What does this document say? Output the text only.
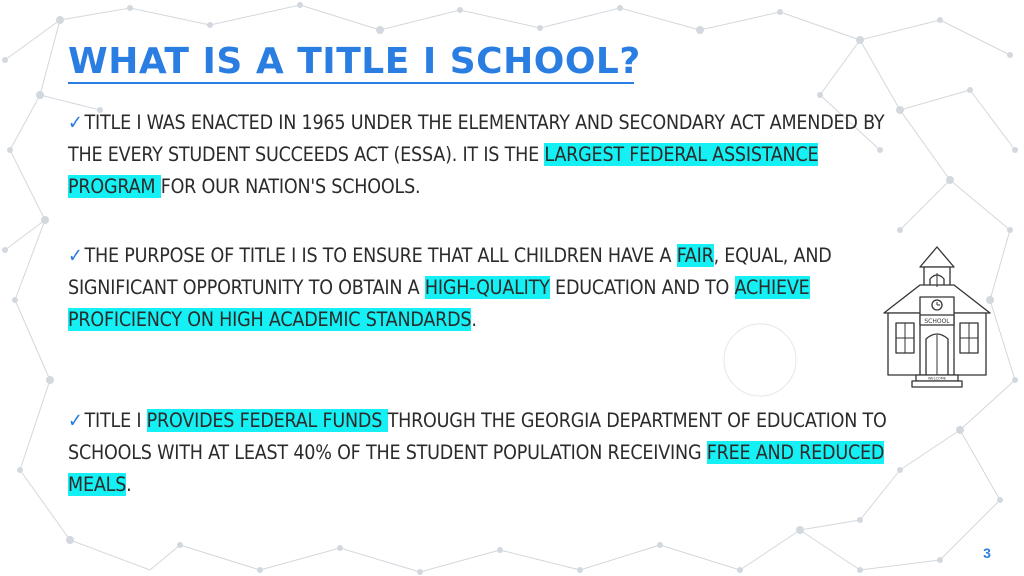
WHAT IS A TITLE I SCHOOL?

✓ TITLE I WAS ENACTED IN 1965 UNDER THE ELEMENTARY AND SECONDARY ACT AMENDED BY THE EVERY STUDENT SUCCEEDS ACT (ESSA). IT IS THE LARGEST FEDERAL ASSISTANCE PROGRAM FOR OUR NATION'S SCHOOLS.

✓ THE PURPOSE OF TITLE I IS TO ENSURE THAT ALL CHILDREN HAVE A FAIR, EQUAL, AND SIGNIFICANT OPPORTUNITY TO OBTAIN A HIGH-QUALITY EDUCATION AND TO ACHIEVE PROFICIENCY ON HIGH ACADEMIC STANDARDS.

✓ TITLE I PROVIDES FEDERAL FUNDS THROUGH THE GEORGIA DEPARTMENT OF EDUCATION TO SCHOOLS WITH AT LEAST 40% OF THE STUDENT POPULATION RECEIVING FREE AND REDUCED MEALS.

SCHOOL
WELCOME
3
